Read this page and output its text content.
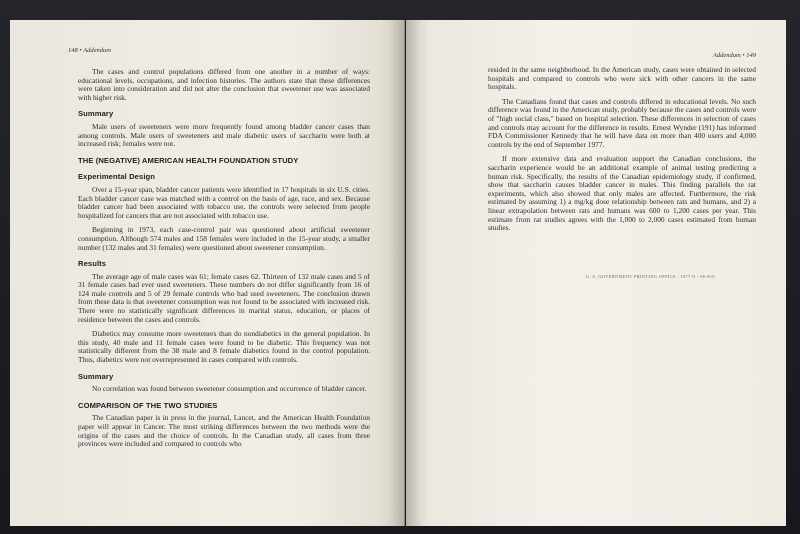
148 • Addendum

The cases and control populations differed from one another in a number of ways: educational levels, occupations, and infection histories. The authors state that these differences were taken into consideration and did not alter the conclusion that sweetener use was associated with higher risk.

Summary

Male users of sweeteners were more frequently found among bladder cancer cases than among controls. Male users of sweeteners and male diabetic users of saccharin were both at increased risk; females were not.

THE (NEGATIVE) AMERICAN HEALTH FOUNDATION STUDY
Experimental Design

Over a 15-year span, bladder cancer patients were identified in 17 hospitals in six U.S. cities. Each bladder cancer case was matched with a control on the basis of age, race, and sex. Because bladder cancer had been associated with tobacco use, the controls were selected from people hospitalized for cancers that are not associated with tobacco use.

Beginning in 1973, each case-control pair was questioned about artificial sweetener consumption. Although 574 males and 158 females were included in the 15-year study, a smaller number (132 males and 31 females) were questioned about sweetener consumption.

Results

The average age of male cases was 61; female cases 62. Thirteen of 132 male cases and 5 of 31 female cases had ever used sweeteners. These numbers do not differ significantly from 16 of 124 male controls and 5 of 29 female controls who had used sweeteners. The conclusion drawn from these data is that sweetener consumption was not found to be associated with increased risk. There were no statistically significant differences in marital status, education, or places of residence between the cases and controls.

Diabetics may consume more sweeteners than do nondiabetics in the general population. In this study, 40 male and 11 female cases were found to be diabetic. This frequency was not statistically different from the 38 male and 8 female diabetics found in the control population. Thus, diabetics were not overrepresented in cases compared with controls.

Summary

No correlation was found between sweetener consumption and occurrence of bladder cancer.

COMPARISON OF THE TWO STUDIES

The Canadian paper is in press in the journal, Lancet, and the American Health Foundation paper will appear in Cancer. The most striking differences between the two methods were the origins of the cases and the choice of controls. In the Canadian study, all cases from three provinces were included and compared to controls who

Addendum • 149

resided in the same neighborhood. In the American study, cases were obtained in selected hospitals and compared to controls who were sick with other cancers in the same hospitals.

The Canadians found that cases and controls differed in educational levels. No such difference was found in the American study, probably because the cases and controls were of "high social class," based on hospital selection. These differences in selection of cases and controls may account for the difference in results. Ernest Wynder (191) has informed FDA Commissioner Kennedy that he will have data on more than 400 users and 4,000 controls by the end of September 1977.

If more extensive data and evaluation support the Canadian conclusions, the saccharin experience would be an additional example of animal testing predicting a human risk. Specifically, the results of the Canadian epidemiology study, if confirmed, show that saccharin causes bladder cancer in males. This finding parallels the rat experiments, which also showed that only males are affected. Furthermore, the risk estimated by assuming 1) a mg/kg dose relationship between rats and humans, and 2) a linear extrapolation between rats and humans was 600 to 1,200 cases per year. This estimate from rat studies agrees with the 1,000 to 2,000 cases estimated from human studies.

U. S. GOVERNMENT PRINTING OFFICE : 1977 O - 96-910
